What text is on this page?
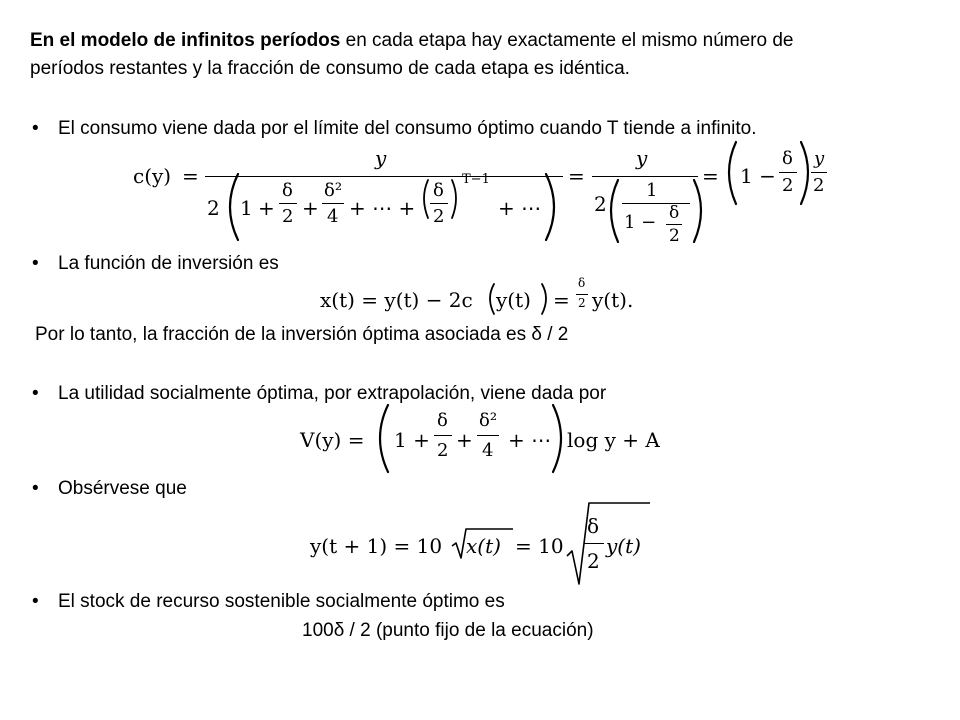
En el modelo de infinitos períodos en cada etapa hay exactamente el mismo número de
períodos restantes y la fracción de consumo de cada etapa es idéntica.
• El consumo viene dada por el límite del consumo óptimo cuando T tiende a infinito.
c(y) =
y
2 1 +
δ
2 +
δ²
4 + ⋯ +
δ
2
T−1
+ ⋯
=
y
2
1
1 − δ
2
= 1 −
δ
2
y
2
• La función de inversión es
x(t) = y(t) − 2c y(t) =
δ
2 y(t).
Por lo tanto, la fracción de la inversión óptima asociada es δ / 2
• La utilidad socialmente óptima, por extrapolación, viene dada por
V(y) = 1 +
δ
2 +
δ²
4 + ⋯ log y + A
• Obsérvese que
y(t + 1) = 10 x(t) = 10
δ
2
y(t)
• El stock de recurso sostenible socialmente óptimo es
100δ / 2 (punto fijo de la ecuación)
